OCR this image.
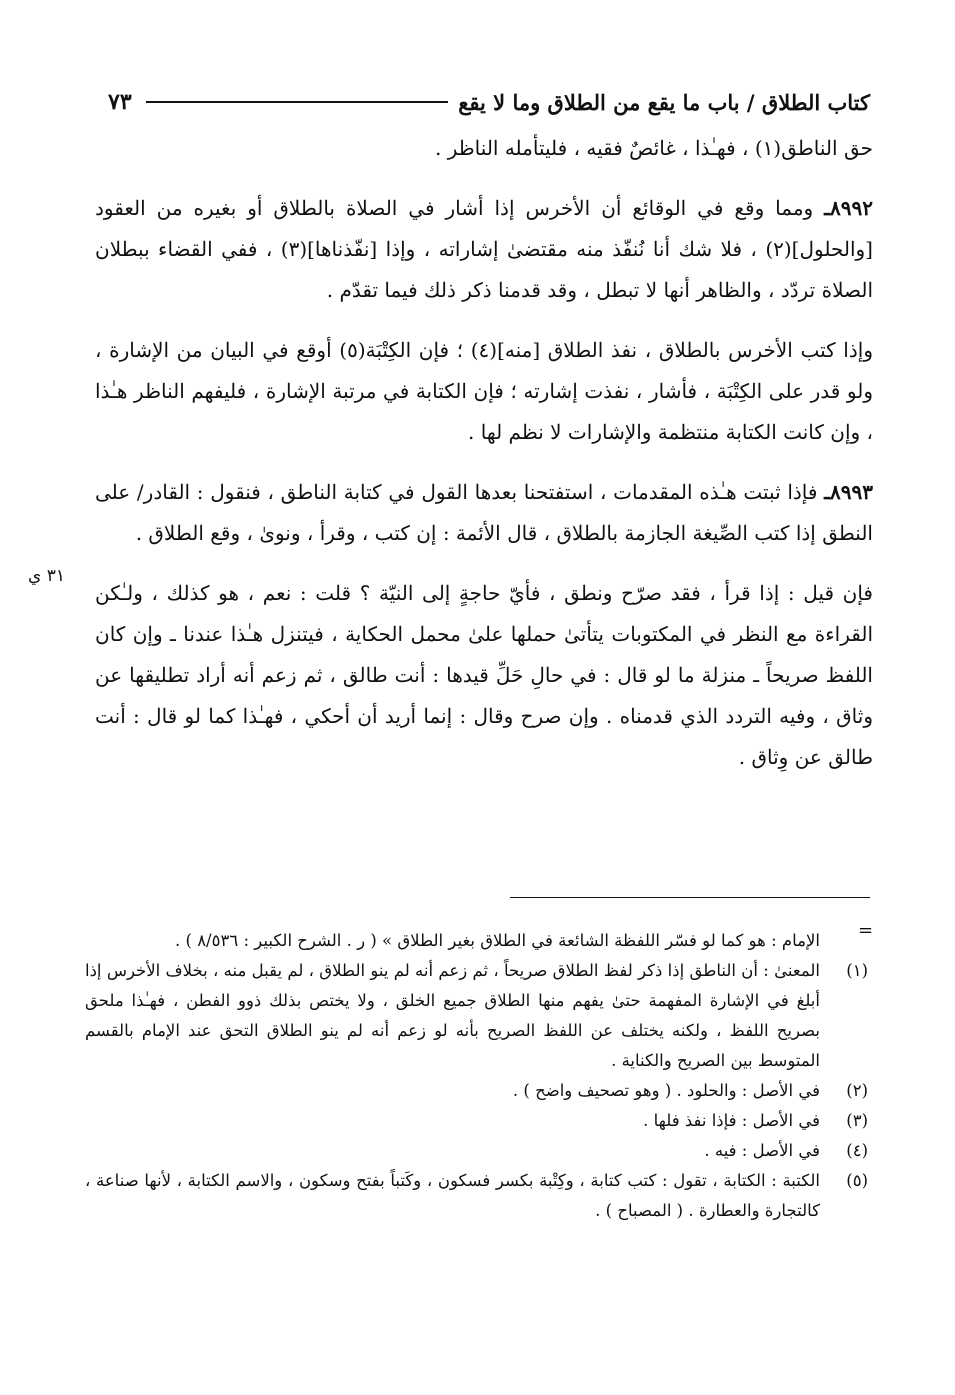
كتاب الطلاق / باب ما يقع من الطلاق وما لا يقع
٧٣

حق الناطق(١) ، فهـٰذا ، غائصٌ فقيه ، فليتأمله الناظر .

٨٩٩٢ـ ومما وقع في الوقائع أن الأخرس إذا أشار في الصلاة بالطلاق أو بغيره من العقود [والحلول](٢) ، فلا شك أنا نُنفّذ منه مقتضىٰ إشاراته ، وإذا [نفّذناها](٣) ، ففي القضاء ببطلان الصلاة تردّد ، والظاهر أنها لا تبطل ، وقد قدمنا ذكر ذلك فيما تقدّم .

وإذا كتب الأخرس بالطلاق ، نفذ الطلاق [منه](٤) ؛ فإن الكِتْبَة(٥) أوقع في البيان من الإشارة ، ولو قدر على الكِتْبَة ، فأشار ، نفذت إشارته ؛ فإن الكتابة في مرتبة الإشارة ، فليفهم الناظر هـٰذا ، وإن كانت الكتابة منتظمة والإشارات لا نظم لها .

٨٩٩٣ـ فإذا ثبتت هـٰذه المقدمات ، استفتحنا بعدها القول في كتابة الناطق ، فنقول : القادر/ على النطق إذا كتب الصِّيغة الجازمة بالطلاق ، قال الأئمة : إن كتب ، وقرأ ، ونوىٰ ، وقع الطلاق .

فإن قيل : إذا قرأ ، فقد صرّح ونطق ، فأيّ حاجةٍ إلى النيّة ؟ قلت : نعم ، هو كذلك ، ولـٰكن القراءة مع النظر في المكتوبات يتأتىٰ حملها علىٰ محمل الحكاية ، فيتنزل هـٰذا عندنا ـ وإن كان اللفظ صريحاً ـ منزلة ما لو قال : في حالِ حَلِّ قيدها : أنت طالق ، ثم زعم أنه أراد تطليقها عن وثاق ، وفيه التردد الذي قدمناه . وإن صرح وقال : إنما أريد أن أحكي ، فهـٰذا كما لو قال : أنت طالق عن وِثاق .

٣١ ي
=
الإمام : هو كما لو فسّر اللفظة الشائعة في الطلاق بغير الطلاق » ( ر . الشرح الكبير : ٨/٥٣٦ ) .
(١)
المعنىٰ : أن الناطق إذا ذكر لفظ الطلاق صريحاً ، ثم زعم أنه لم ينو الطلاق ، لم يقبل منه ، بخلاف الأخرس إذا أبلغ في الإشارة المفهمة حتىٰ يفهم منها الطلاق جميع الخلق ، ولا يختص بذلك ذوو الفطن ، فهـٰذا ملحق بصريح اللفظ ، ولكنه يختلف عن اللفظ الصريح بأنه لو زعم أنه لم ينو الطلاق التحق عند الإمام بالقسم المتوسط بين الصريح والكناية .
(٢)
في الأصل : والحلود . ( وهو تصحيف واضح ) .
(٣)
في الأصل : فإذا نفذ فلها .
(٤)
في الأصل : فيه .
(٥)
الكتبة : الكتابة ، تقول : كتب كتابة ، وكِتْبة بكسر فسكون ، وكَتباً بفتح وسكون ، والاسم الكتابة ، لأنها صناعة ، كالتجارة والعطارة . ( المصباح ) .
